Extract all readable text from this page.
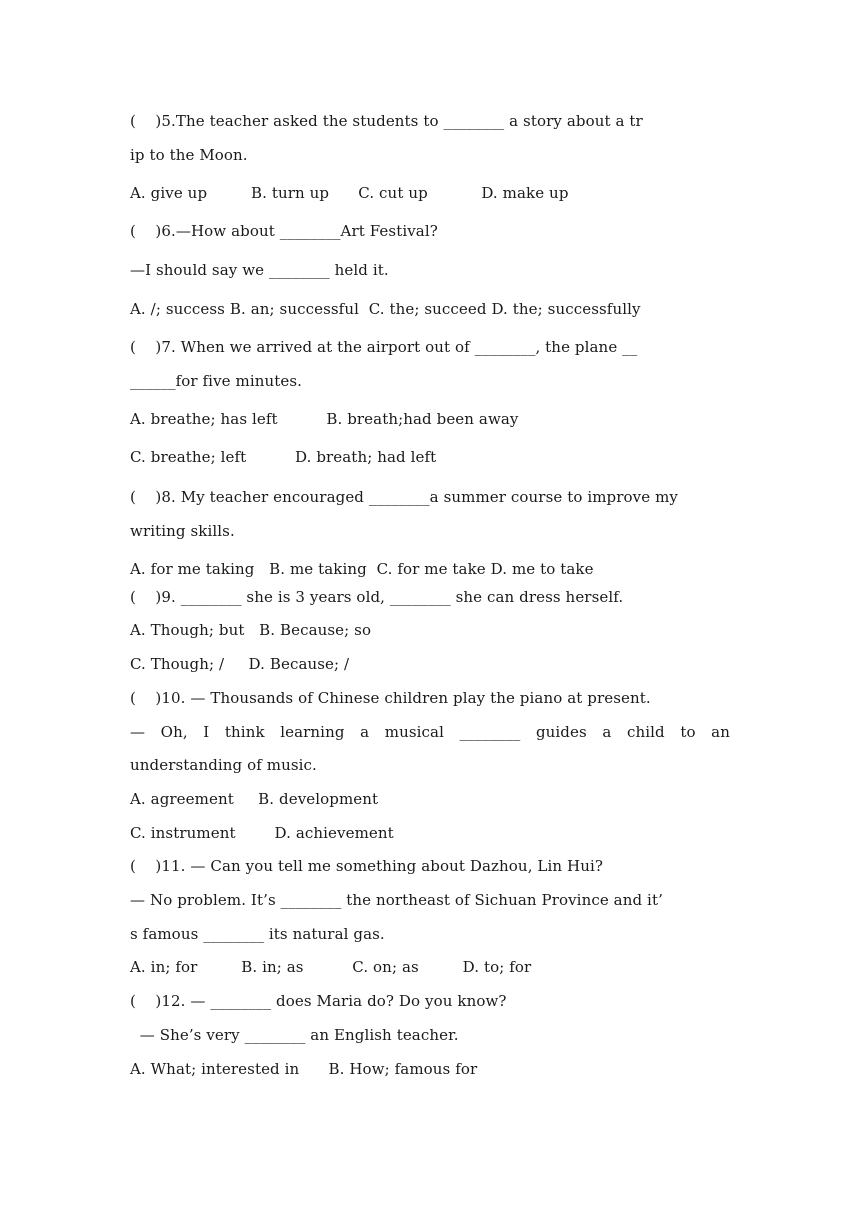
(    )5.The teacher asked the students to ________ a story about a tr
ip to the Moon.
A. give up         B. turn up      C. cut up           D. make up
(    )6.—How about ________Art Festival?
—I should say we ________ held it.
A. /; success B. an; successful  C. the; succeed D. the; successfully
(    )7. When we arrived at the airport out of ________, the plane __
______for five minutes.
A. breathe; has left          B. breath;had been away
C. breathe; left          D. breath; had left
(    )8. My teacher encouraged ________a summer course to improve my
writing skills.
A. for me taking   B. me taking  C. for me take D. me to take
(    )9. ________ she is 3 years old, ________ she can dress herself.
A. Though; but   B. Because; so
C. Though; /     D. Because; /
(    )10. — Thousands of Chinese children play the piano at present.
— Oh, I think learning a musical ________ guides a child to an
understanding of music.
A. agreement     B. development
C. instrument        D. achievement
(    )11. — Can you tell me something about Dazhou, Lin Hui?
— No problem. It’s ________ the northeast of Sichuan Province and it’
s famous ________ its natural gas.
A. in; for         B. in; as          C. on; as         D. to; for
(    )12. — ________ does Maria do? Do you know?
— She’s very ________ an English teacher.
A. What; interested in      B. How; famous for
